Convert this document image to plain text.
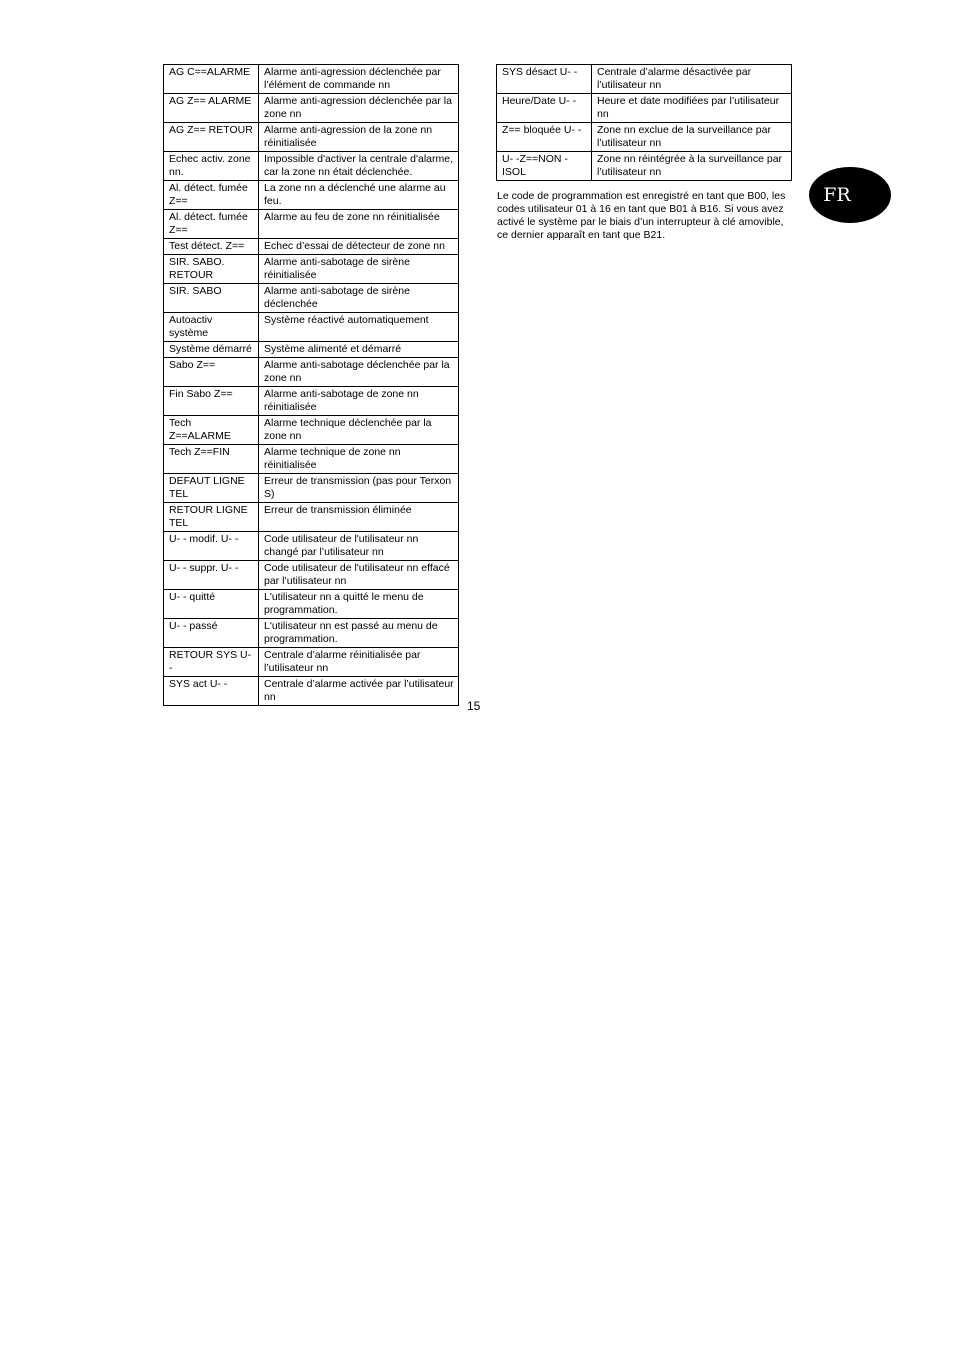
AG C==ALARME	Alarme anti-agression déclenchée par l’élément de commande nn
AG Z== ALARME	Alarme anti-agression déclenchée par la zone nn
AG Z== RETOUR	Alarme anti-agression de la zone nn réinitialisée
Echec activ. zone nn.	Impossible d'activer la centrale d'alarme, car la zone nn était déclenchée.
Al. détect. fumée Z==	La zone nn a déclenché une alarme au feu.
Al. détect. fumée Z==	Alarme au feu de zone nn réinitialisée
Test détect. Z==	Echec d’essai de détecteur de zone nn
SIR. SABO. RETOUR	Alarme anti-sabotage de sirène réinitialisée
SIR. SABO	Alarme anti-sabotage de sirène déclenchée
Autoactiv système	Système réactivé automatiquement
Système démarré	Système alimenté et démarré
Sabo Z==	Alarme anti-sabotage déclenchée par la zone nn
Fin Sabo Z==	Alarme anti-sabotage de zone nn réinitialisée
Tech Z==ALARME	Alarme technique déclenchée par la zone nn
Tech Z==FIN	Alarme technique de zone nn réinitialisée
DEFAUT LIGNE TEL	Erreur de transmission (pas pour Terxon S)
RETOUR LIGNE TEL	Erreur de transmission éliminée
U- - modif. U- -	Code utilisateur de l'utilisateur nn changé par l’utilisateur nn
U- - suppr. U- -	Code utilisateur de l'utilisateur nn effacé par l’utilisateur nn
U- - quitté	L'utilisateur nn a quitté le menu de programmation.
U- - passé	L'utilisateur nn est passé au menu de programmation.
RETOUR SYS U- -	Centrale d’alarme réinitialisée par l’utilisateur nn
SYS act U- -	Centrale d’alarme activée par l’utilisateur nn
SYS désact U- -	Centrale d’alarme désactivée par l’utilisateur nn
Heure/Date U- -	Heure et date modifiées par l’utilisateur nn
Z== bloquée U- -	Zone nn exclue de la surveillance par l’utilisateur nn
U- -Z==NON - ISOL	Zone nn réintégrée à la surveillance par l’utilisateur nn
Le code de programmation est enregistré en tant que B00, les codes utilisateur 01 à 16 en tant que B01 à B16. Si vous avez activé le système par le biais d’un interrupteur à clé amovible, ce dernier apparaît en tant que B21.
15
FR
